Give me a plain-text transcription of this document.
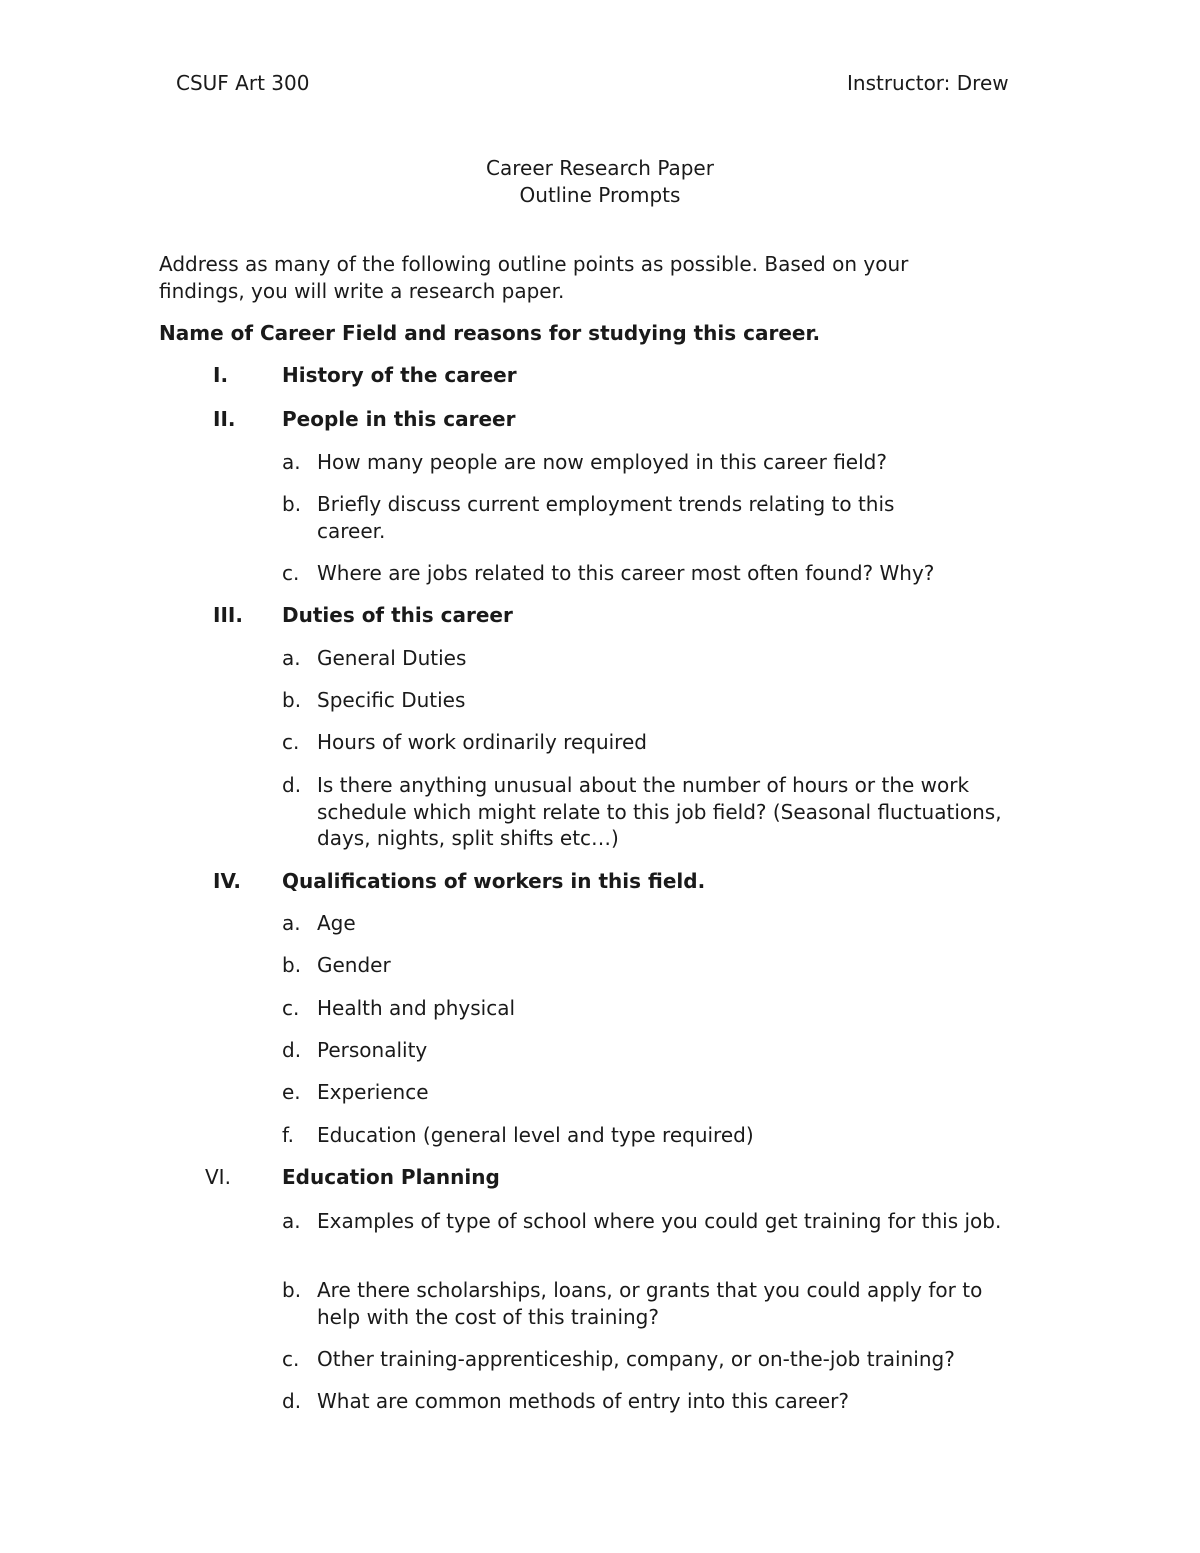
CSUF Art 300	Instructor: Drew
Career Research Paper
Outline Prompts
Address as many of the following outline points as possible. Based on your findings, you will write a research paper.
Name of Career Field and reasons for studying this career.
I.	History of the career
II. People in this career
a. How many people are now employed in this career field?
b. Briefly discuss current employment trends relating to this career.
c. Where are jobs related to this career most often found? Why?
III. Duties of this career
a. General Duties
b. Specific Duties
c. Hours of work ordinarily required
d. Is there anything unusual about the number of hours or the work schedule which might relate to this job field? (Seasonal fluctuations, days, nights, split shifts etc…)
IV. Qualifications of workers in this field.
a. Age
b. Gender
c. Health and physical
d. Personality
e. Experience
f. Education (general level and type required)
VI.	Education Planning
a. Examples of type of school where you could get training for this job.
b. Are there scholarships, loans, or grants that you could apply for to help with the cost of this training?
c. Other training-apprenticeship, company, or on-the-job training?
d. What are common methods of entry into this career?
